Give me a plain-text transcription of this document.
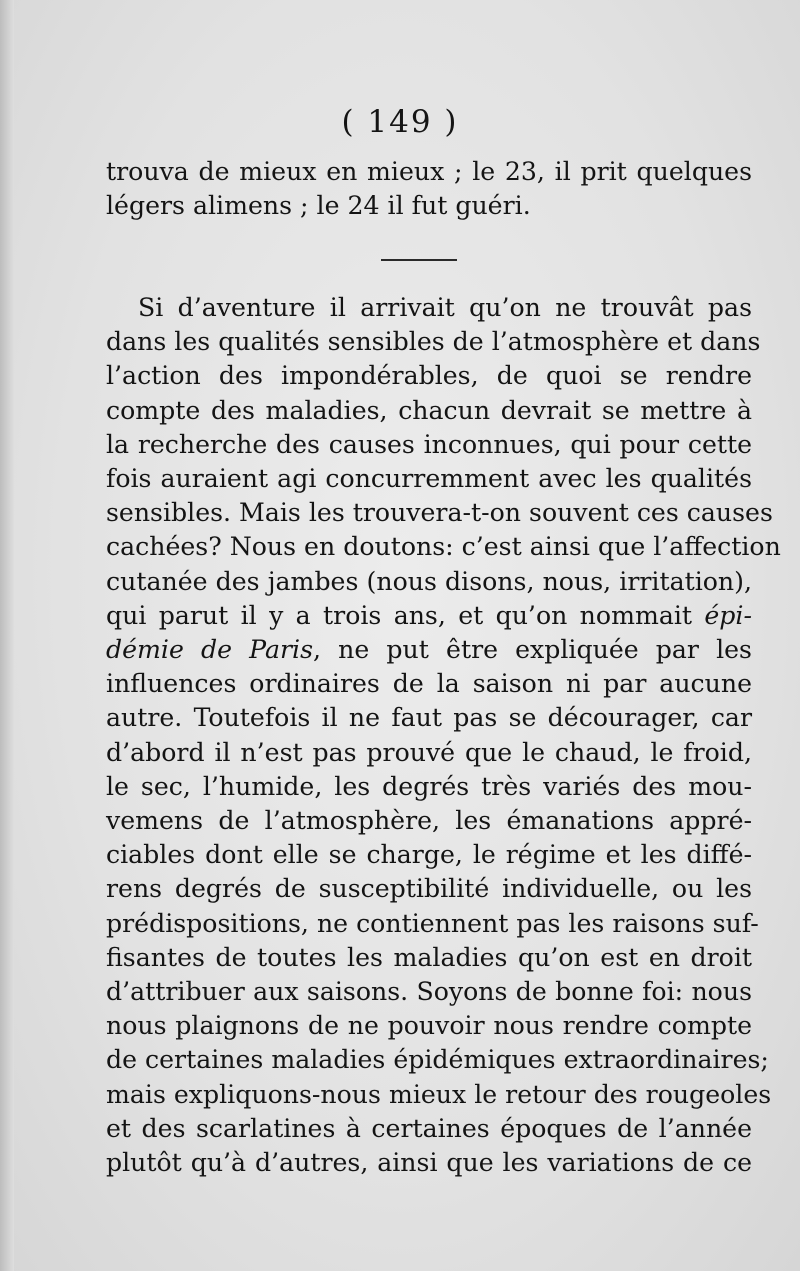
( 149 )
trouva de mieux en mieux ; le 23, il prit quelques
légers alimens ; le 24 il fut guéri.
Si d’aventure il arrivait qu’on ne trouvât pas
dans les qualités sensibles de l’atmosphère et dans
l’action des impondérables, de quoi se rendre
compte des maladies, chacun devrait se mettre à
la recherche des causes inconnues, qui pour cette
fois auraient agi concurremment avec les qualités
sensibles. Mais les trouvera-t-on souvent ces causes
cachées? Nous en doutons: c’est ainsi que l’affection
cutanée des jambes (nous disons, nous, irritation),
qui parut il y a trois ans, et qu’on nommait épi-
démie de Paris, ne put être expliquée par les
influences ordinaires de la saison ni par aucune
autre. Toutefois il ne faut pas se décourager, car
d’abord il n’est pas prouvé que le chaud, le froid,
le sec, l’humide, les degrés très variés des mou-
vemens de l’atmosphère, les émanations appré-
ciables dont elle se charge, le régime et les diffé-
rens degrés de susceptibilité individuelle, ou les
prédispositions, ne contiennent pas les raisons suf-
fisantes de toutes les maladies qu’on est en droit
d’attribuer aux saisons. Soyons de bonne foi: nous
nous plaignons de ne pouvoir nous rendre compte
de certaines maladies épidémiques extraordinaires;
mais expliquons-nous mieux le retour des rougeoles
et des scarlatines à certaines époques de l’année
plutôt qu’à d’autres, ainsi que les variations de ce
